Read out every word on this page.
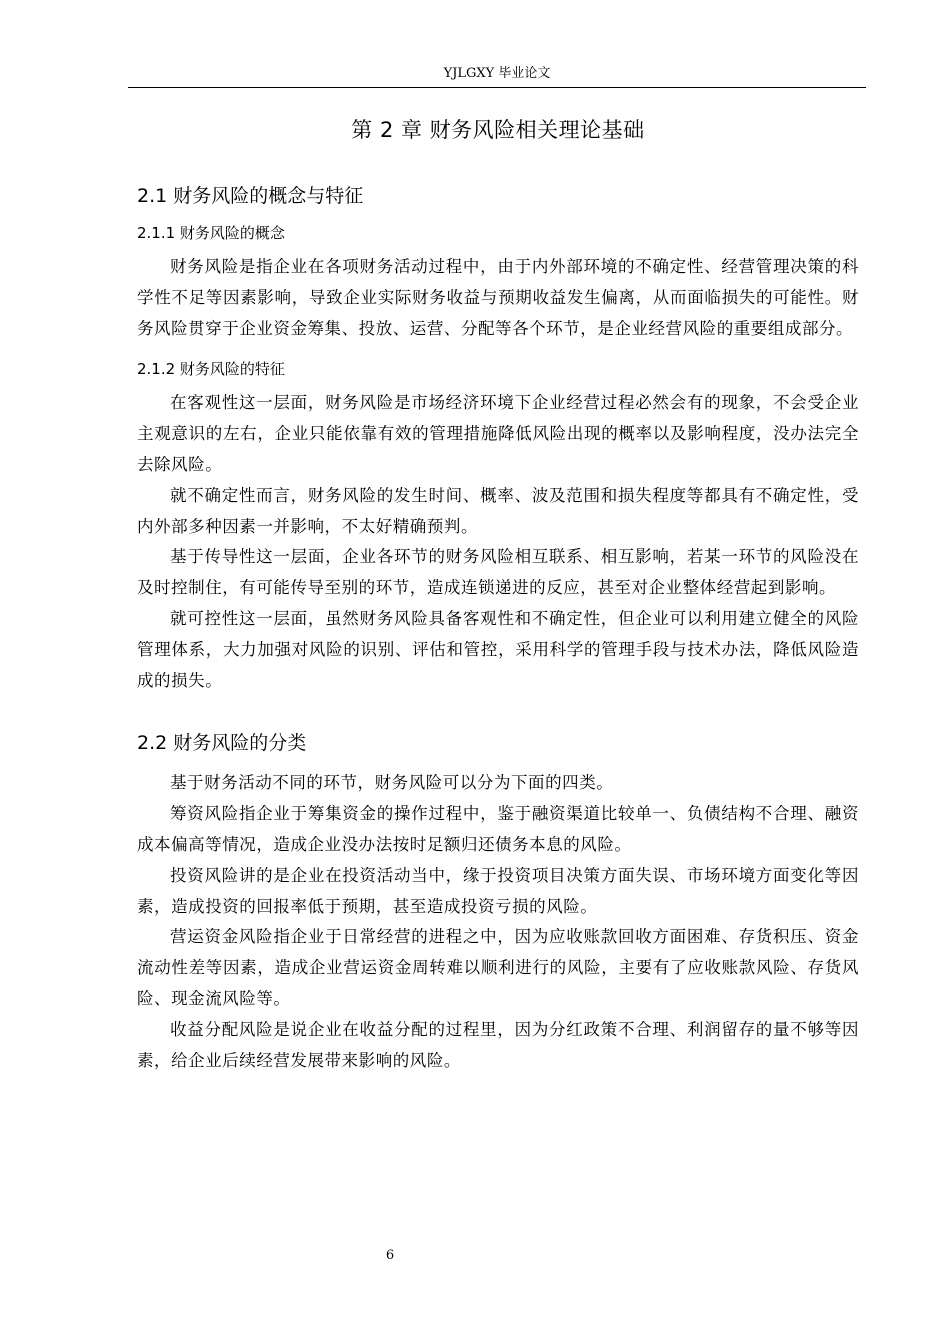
YJLGXY 毕业论文
第 2 章 财务风险相关理论基础
2.1 财务风险的概念与特征
2.1.1 财务风险的概念

财务风险是指企业在各项财务活动过程中，由于内外部环境的不确定性、经营管理决策的科学性不足等因素影响，导致企业实际财务收益与预期收益发生偏离，从而面临损失的可能性。财务风险贯穿于企业资金筹集、投放、运营、分配等各个环节，是企业经营风险的重要组成部分。

2.1.2 财务风险的特征

在客观性这一层面，财务风险是市场经济环境下企业经营过程必然会有的现象，不会受企业主观意识的左右，企业只能依靠有效的管理措施降低风险出现的概率以及影响程度，没办法完全去除风险。

就不确定性而言，财务风险的发生时间、概率、波及范围和损失程度等都具有不确定性，受内外部多种因素一并影响，不太好精确预判。

基于传导性这一层面，企业各环节的财务风险相互联系、相互影响，若某一环节的风险没在及时控制住，有可能传导至别的环节，造成连锁递进的反应，甚至对企业整体经营起到影响。

就可控性这一层面，虽然财务风险具备客观性和不确定性，但企业可以利用建立健全的风险管理体系，大力加强对风险的识别、评估和管控，采用科学的管理手段与技术办法，降低风险造成的损失。

2.2 财务风险的分类

基于财务活动不同的环节，财务风险可以分为下面的四类。

筹资风险指企业于筹集资金的操作过程中，鉴于融资渠道比较单一、负债结构不合理、融资成本偏高等情况，造成企业没办法按时足额归还债务本息的风险。

投资风险讲的是企业在投资活动当中，缘于投资项目决策方面失误、市场环境方面变化等因素，造成投资的回报率低于预期，甚至造成投资亏损的风险。

营运资金风险指企业于日常经营的进程之中，因为应收账款回收方面困难、存货积压、资金流动性差等因素，造成企业营运资金周转难以顺利进行的风险，主要有了应收账款风险、存货风险、现金流风险等。

收益分配风险是说企业在收益分配的过程里，因为分红政策不合理、利润留存的量不够等因素，给企业后续经营发展带来影响的风险。

6
